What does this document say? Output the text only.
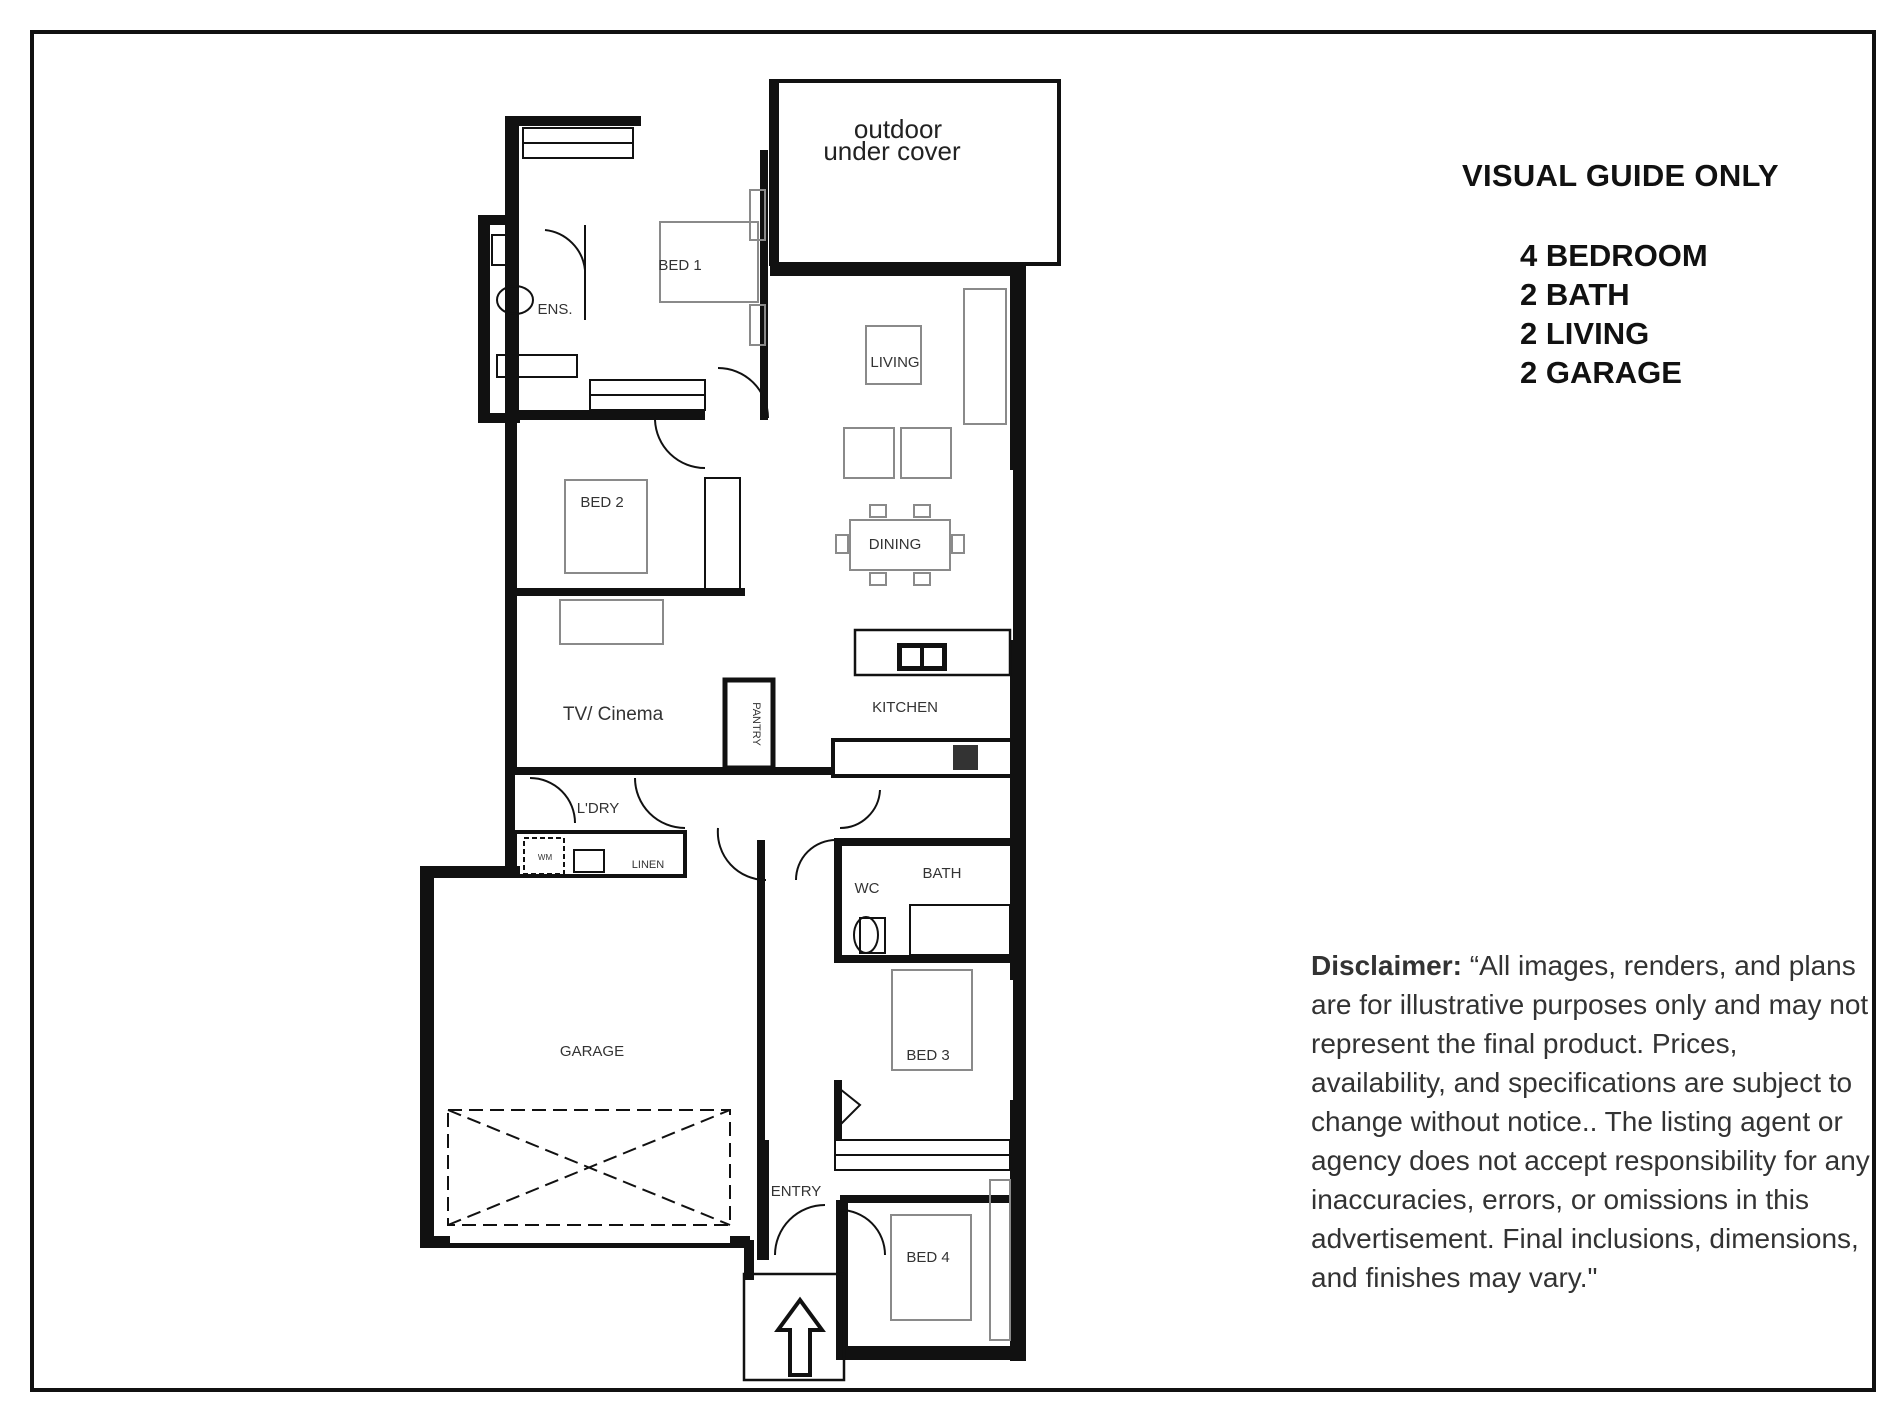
outdoor
under cover
BED 1
ENS.
LIVING
BED 2
DINING
KITCHEN
TV/ Cinema	PANTRY
L'DRY
LINEN
WM
WC
BATH
GARAGE	BED 3
ENTRY
BED 4
VISUAL GUIDE ONLY
4 BEDROOM
2 BATH
2 LIVING
2 GARAGE
Disclaimer: “All images, renders, and plans are for illustrative purposes only and may not represent the final product. Prices, availability, and specifications are subject to change without notice.. The listing agent or agency does not accept responsibility for any inaccuracies, errors, or omissions in this advertisement. Final inclusions, dimensions, and finishes may vary."
